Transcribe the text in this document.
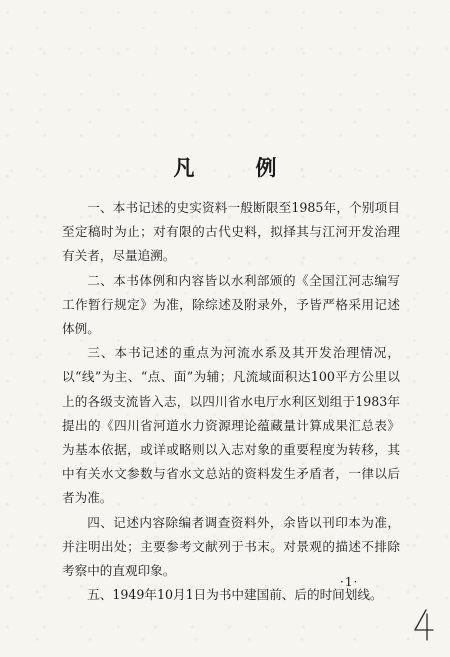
凡　例

一、本书记述的史实资料一般断限至1985年，个别项目至定稿时为止；对有限的古代史料，拟择其与江河开发治理有关者，尽量追溯。

二、本书体例和内容皆以水利部颁的《全国江河志编写工作暂行规定》为准，除综述及附录外，予皆严格采用记述体例。

三、本书记述的重点为河流水系及其开发治理情况，以“线”为主、“点、面”为辅；凡流域面积达100平方公里以上的各级支流皆入志，以四川省水电厅水利区划组于1983年提出的《四川省河道水力资源理论蕴藏量计算成果汇总表》为基本依据，或详或略则以入志对象的重要程度为转移，其中有关水文参数与省水文总站的资料发生矛盾者，一律以后者为准。

四、记述内容除编者调查资料外，余皆以刊印本为准，并注明出处；主要参考文献列于书末。对景观的描述不排除考察中的直观印象。

五、1949年10月1日为书中建国前、后的时间划线。

·1·
